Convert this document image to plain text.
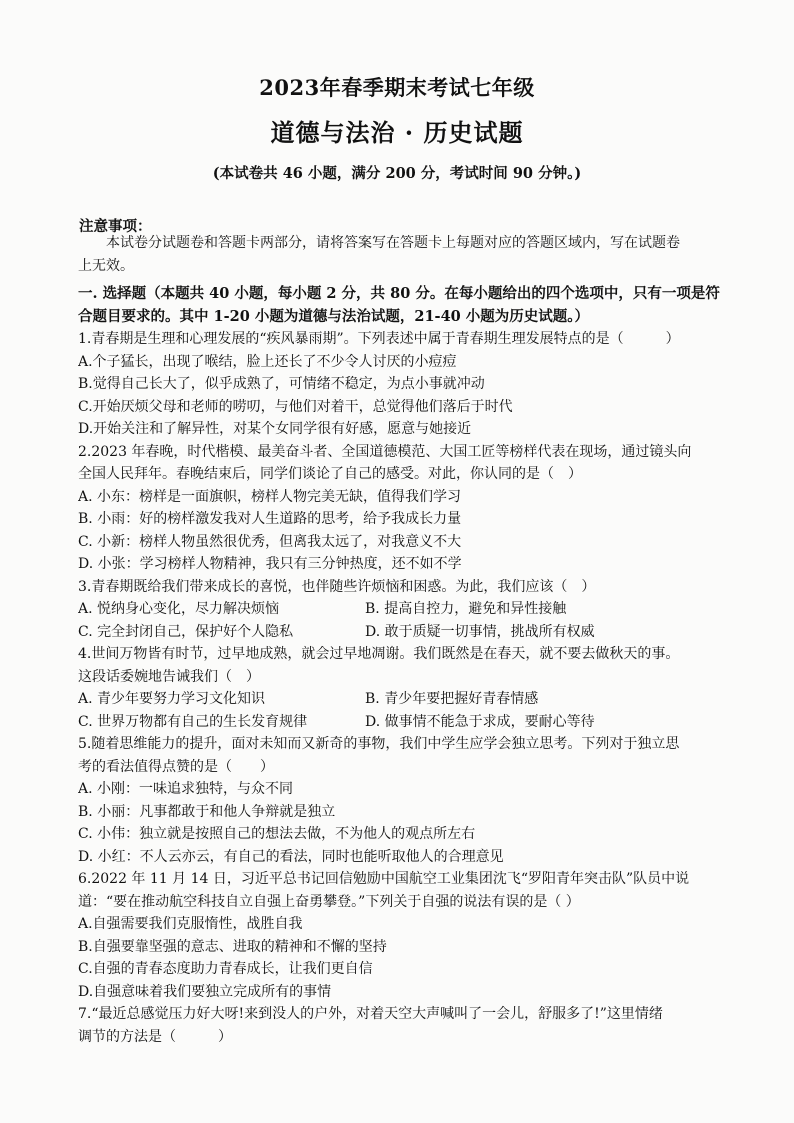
2023年春季期末考试七年级
道德与法治 · 历史试题
(本试卷共 46 小题，满分 200 分，考试时间 90 分钟。)
注意事项：
本试卷分试题卷和答题卡两部分，请将答案写在答题卡上每题对应的答题区域内，写在试题卷
上无效。
一. 选择题（本题共 40 小题，每小题 2 分，共 80 分。在每小题给出的四个选项中，只有一项是符
合题目要求的。其中 1-20 小题为道德与法治试题，21-40 小题为历史试题。）
1.青春期是生理和心理发展的“疾风暴雨期”。下列表述中属于青春期生理发展特点的是（　　　）
A.个子猛长，出现了喉结，脸上还长了不少令人讨厌的小痘痘
B.觉得自己长大了，似乎成熟了，可情绪不稳定，为点小事就冲动
C.开始厌烦父母和老师的唠叨，与他们对着干，总觉得他们落后于时代
D.开始关注和了解异性，对某个女同学很有好感，愿意与她接近
2.2023 年春晚，时代楷模、最美奋斗者、全国道德模范、大国工匠等榜样代表在现场，通过镜头向
全国人民拜年。春晚结束后，同学们谈论了自己的感受。对此，你认同的是（　）
A. 小东：榜样是一面旗帜，榜样人物完美无缺，值得我们学习
B. 小雨：好的榜样激发我对人生道路的思考，给予我成长力量
C. 小新：榜样人物虽然很优秀，但离我太远了，对我意义不大
D. 小张：学习榜样人物精神，我只有三分钟热度，还不如不学
3.青春期既给我们带来成长的喜悦，也伴随些许烦恼和困惑。为此，我们应该（　）
A. 悦纳身心变化，尽力解决烦恼	B. 提高自控力，避免和异性接触
C. 完全封闭自己，保护好个人隐私	D. 敢于质疑一切事情，挑战所有权威
4.世间万物皆有时节，过早地成熟，就会过早地凋谢。我们既然是在春天，就不要去做秋天的事。
这段话委婉地告诫我们（　）
A. 青少年要努力学习文化知识	B. 青少年要把握好青春情感
C. 世界万物都有自己的生长发育规律	D. 做事情不能急于求成，要耐心等待
5.随着思维能力的提升，面对未知而又新奇的事物，我们中学生应学会独立思考。下列对于独立思
考的看法值得点赞的是（　　）
A. 小刚：一味追求独特，与众不同
B. 小丽：凡事都敢于和他人争辩就是独立
C. 小伟：独立就是按照自己的想法去做，不为他人的观点所左右
D. 小红：不人云亦云，有自己的看法，同时也能听取他人的合理意见
6.2022 年 11 月 14 日，习近平总书记回信勉励中国航空工业集团沈飞“罗阳青年突击队”队员中说
道：“要在推动航空科技自立自强上奋勇攀登。”下列关于自强的说法有误的是（ ）
A.自强需要我们克服惰性，战胜自我
B.自强要靠坚强的意志、进取的精神和不懈的坚持
C.自强的青春态度助力青春成长，让我们更自信
D.自强意味着我们要独立完成所有的事情
7.“最近总感觉压力好大呀!来到没人的户外，对着天空大声喊叫了一会儿，舒服多了!”这里情绪
调节的方法是（　　　）
